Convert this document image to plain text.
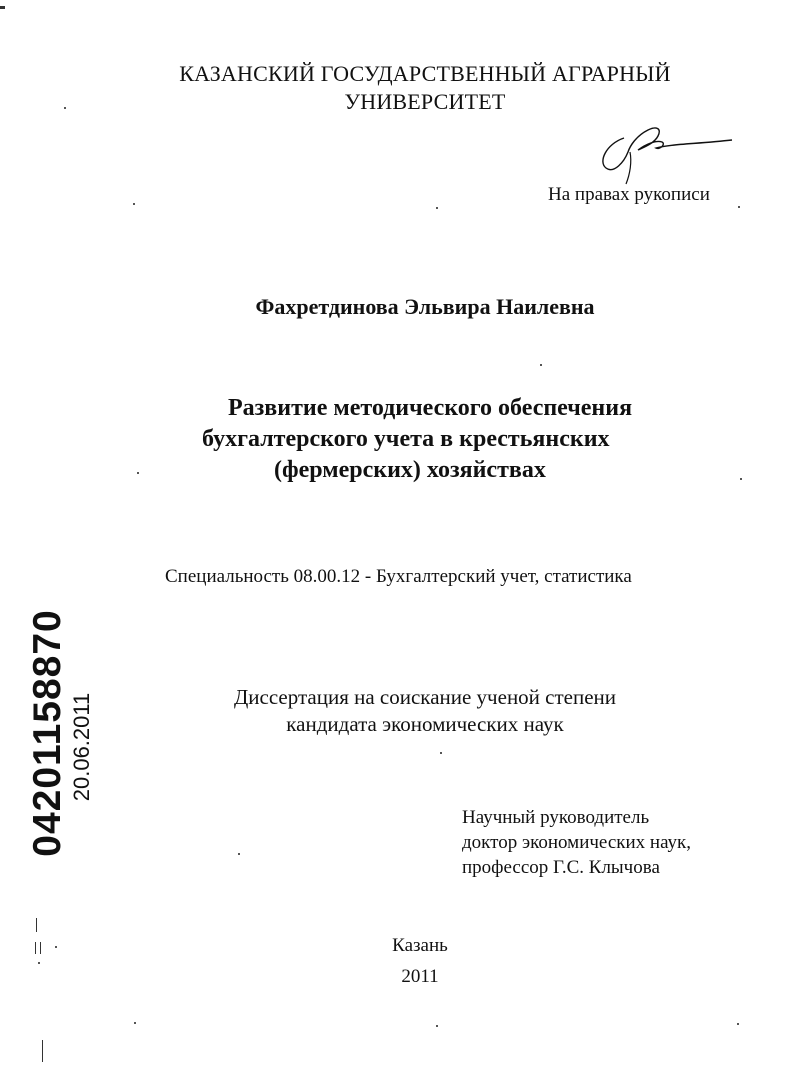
КАЗАНСКИЙ ГОСУДАРСТВЕННЫЙ АГРАРНЫЙ
УНИВЕРСИТЕТ
На правах рукописи
Фахретдинова Эльвира Наилевна
Развитие методического обеспечения
бухгалтерского учета в крестьянских
(фермерских) хозяйствах
Специальность 08.00.12 - Бухгалтерский учет, статистика
Диссертация на соискание ученой степени
кандидата экономических наук
Научный руководитель
доктор экономических наук,
профессор Г.С. Клычова
Казань
2011
04201158870 20.06.2011
